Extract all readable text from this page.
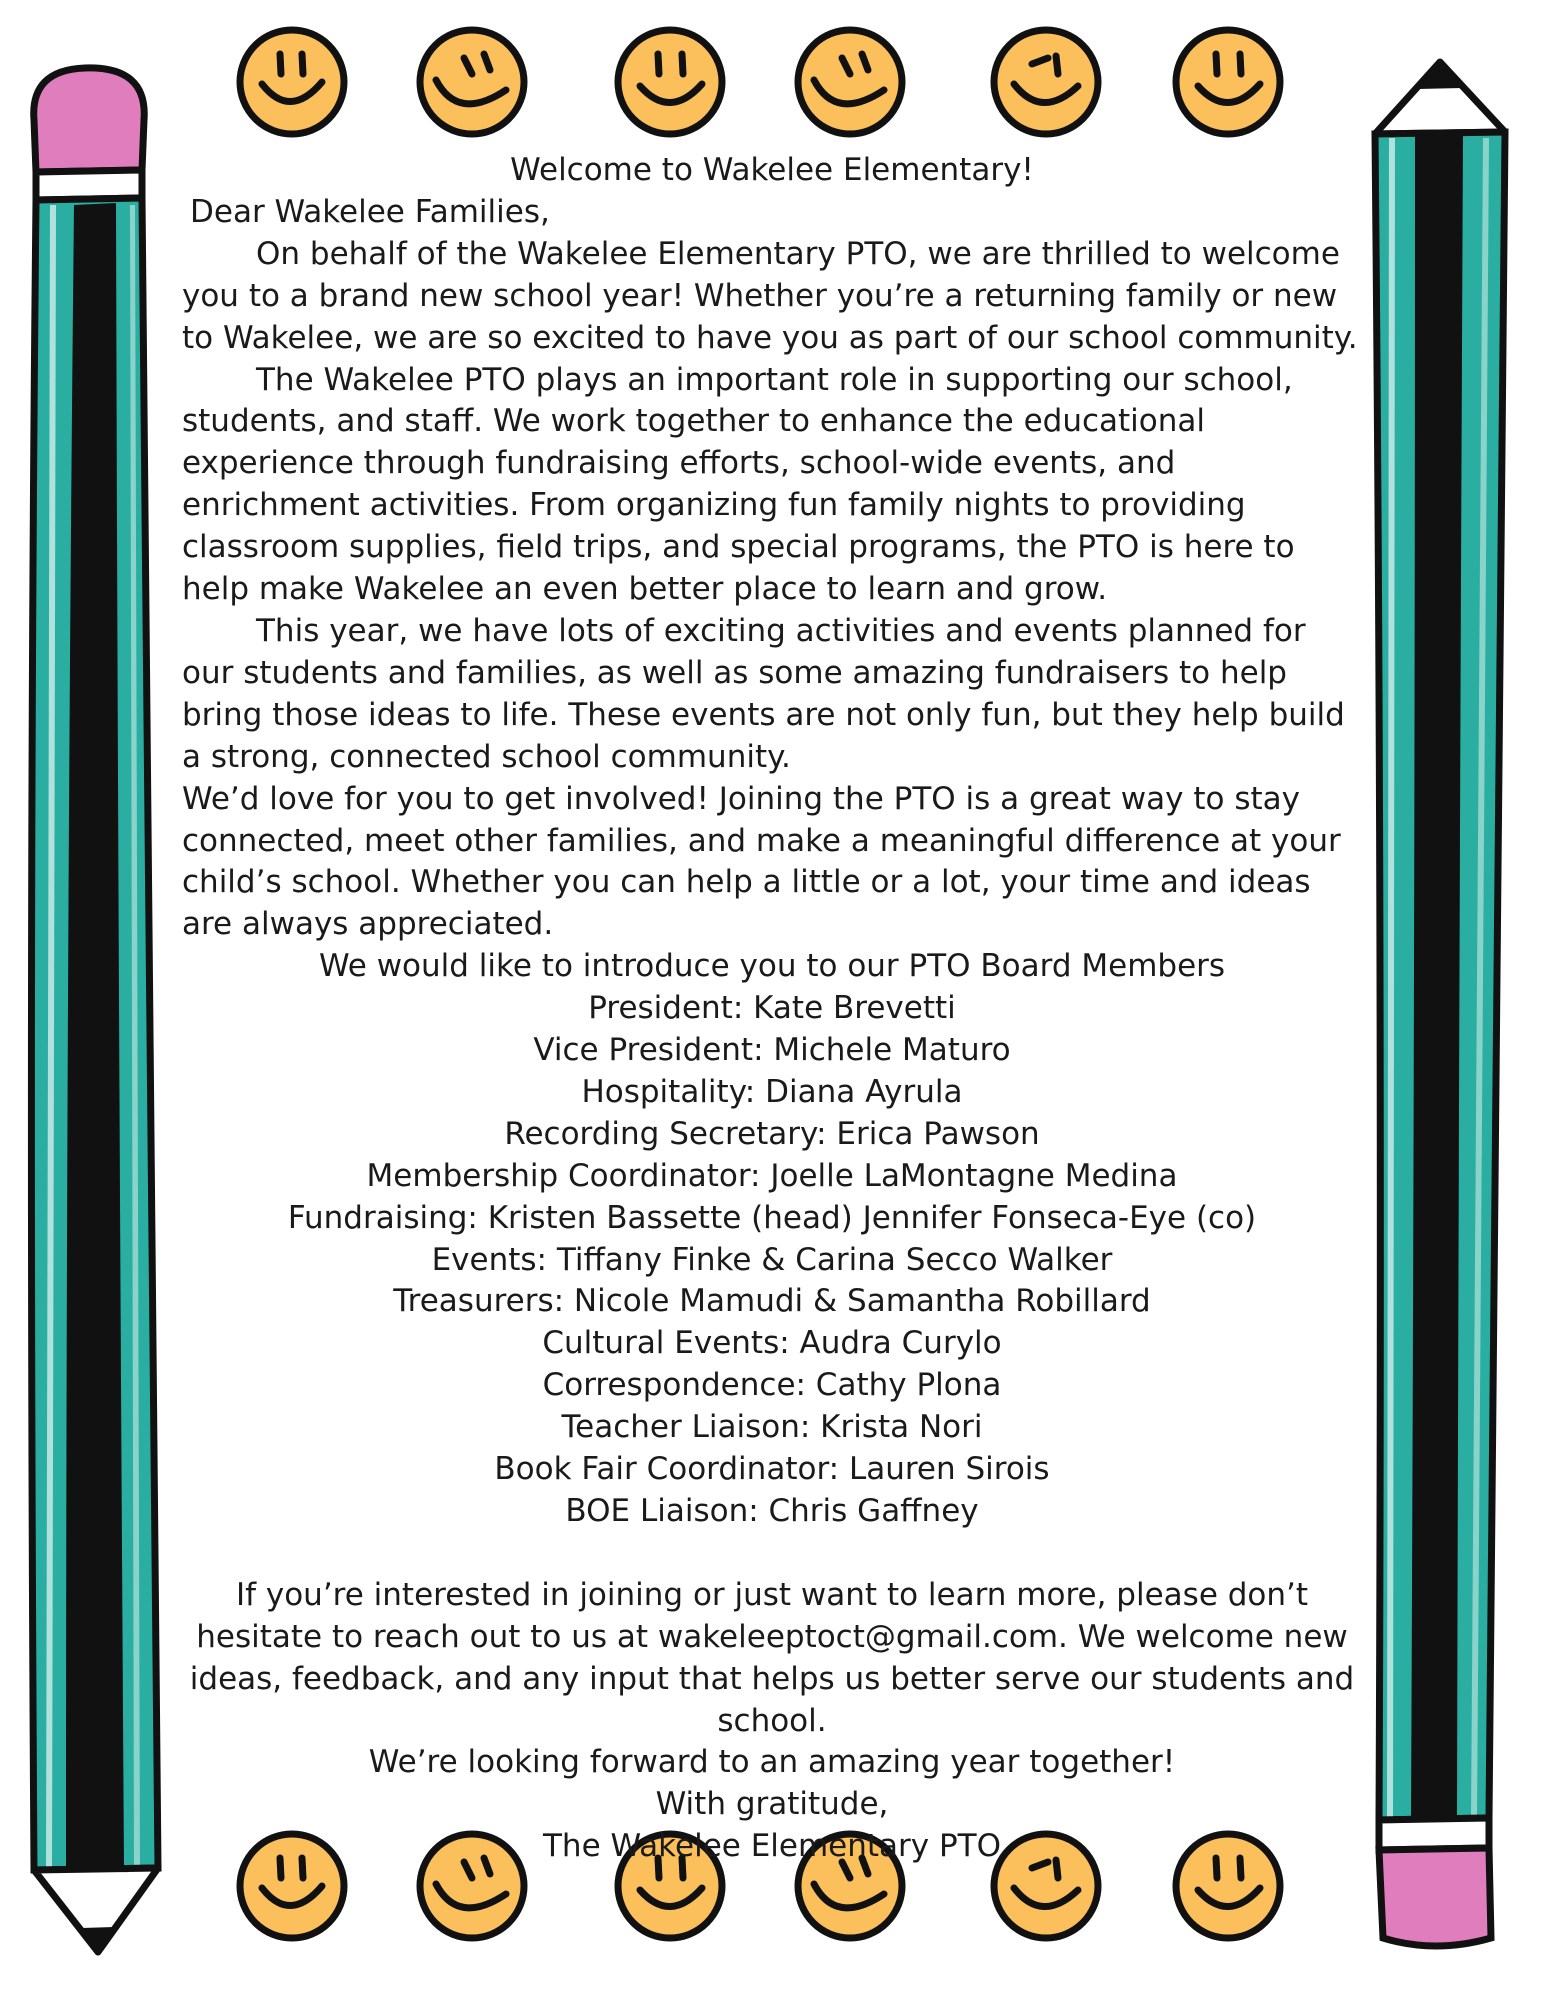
Welcome to Wakelee Elementary!

Dear Wakelee Families,

On behalf of the Wakelee Elementary PTO, we are thrilled to welcome you to a brand new school year! Whether you’re a returning family or new to Wakelee, we are so excited to have you as part of our school community.

The Wakelee PTO plays an important role in supporting our school, students, and staff. We work together to enhance the educational experience through fundraising efforts, school-wide events, and enrichment activities. From organizing fun family nights to providing classroom supplies, field trips, and special programs, the PTO is here to help make Wakelee an even better place to learn and grow.

This year, we have lots of exciting activities and events planned for our students and families, as well as some amazing fundraisers to help bring those ideas to life. These events are not only fun, but they help build a strong, connected school community.

We’d love for you to get involved! Joining the PTO is a great way to stay connected, meet other families, and make a meaningful difference at your child’s school. Whether you can help a little or a lot, your time and ideas are always appreciated.

We would like to introduce you to our PTO Board Members

President: Kate Brevetti

Vice President: Michele Maturo

Hospitality: Diana Ayrula

Recording Secretary: Erica Pawson

Membership Coordinator: Joelle LaMontagne Medina

Fundraising: Kristen Bassette (head) Jennifer Fonseca-Eye (co)

Events: Tiffany Finke & Carina Secco Walker

Treasurers: Nicole Mamudi & Samantha Robillard

Cultural Events: Audra Curylo

Correspondence: Cathy Plona

Teacher Liaison: Krista Nori

Book Fair Coordinator: Lauren Sirois

BOE Liaison: Chris Gaffney

If you’re interested in joining or just want to learn more, please don’t hesitate to reach out to us at wakeleeptoct@gmail.com. We welcome new ideas, feedback, and any input that helps us better serve our students and school.

We’re looking forward to an amazing year together!

With gratitude,

The Wakelee Elementary PTO
